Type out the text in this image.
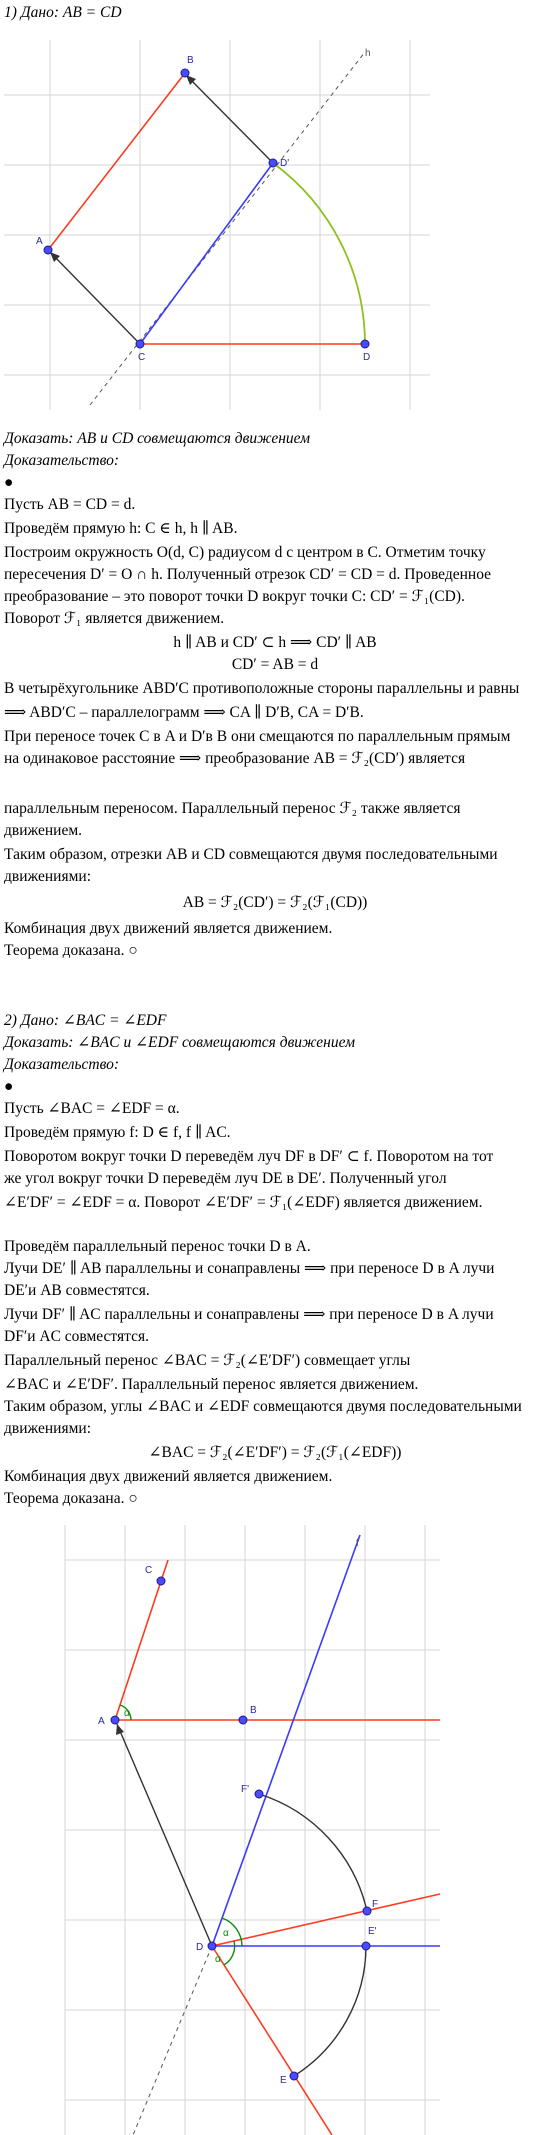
1) Дано: AB = CD
h
B
D'
A
C	D
Доказать: AB и CD совмещаются движением
Доказательство:
●
Пусть AB = CD = d.
Проведём прямую h: C ∈ h, h ∥ AB.
Построим окружность O(d, C) радиусом d с центром в C. Отметим точку
пересечения D′ = O ∩ h. Полученный отрезок CD′ = CD = d. Проведенное
преобразование – это поворот точки D вокруг точки C: CD′ = ℱ₁(CD).
Поворот ℱ₁ является движением.
h ∥ AB и CD′ ⊂ h ⟹ CD′ ∥ AB
CD′ = AB = d
В четырёхугольнике ABD′C противоположные стороны параллельны и равны
⟹ ABD′C – параллелограмм ⟹ CA ∥ D′B, CA = D′B.
При переносе точек C в A и D′в B они смещаются по параллельным прямым
на одинаковое расстояние ⟹ преобразование AB = ℱ₂(CD′) является
параллельным переносом. Параллельный перенос ℱ₂ также является
движением.
Таким образом, отрезки AB и CD совмещаются двумя последовательными
движениями:
AB = ℱ₂(CD′) = ℱ₂(ℱ₁(CD))
Комбинация двух движений является движением.
Теорема доказана. ○
2) Дано: ∠BAC = ∠EDF
Доказать: ∠BAC и ∠EDF совмещаются движением
Доказательство:
●
Пусть ∠BAC = ∠EDF = α.
Проведём прямую f: D ∈ f, f ∥ AC.
Поворотом вокруг точки D переведём луч DF в DF′ ⊂ f. Поворотом на тот
же угол вокруг точки D переведём луч DE в DE′. Полученный угол
∠E′DF′ = ∠EDF = α. Поворот ∠E′DF′ = ℱ₁(∠EDF) является движением.
Проведём параллельный перенос точки D в A.
Лучи DE′ ∥ AB параллельны и сонаправлены ⟹ при переносе D в A лучи
DE′и AB совместятся.
Лучи DF′ ∥ AC параллельны и сонаправлены ⟹ при переносе D в A лучи
DF′и AC совместятся.
Параллельный перенос ∠BAC = ℱ₂(∠E′DF′) совмещает углы
∠BAC и ∠E′DF′. Параллельный перенос является движением.
Таким образом, углы ∠BAC и ∠EDF совмещаются двумя последовательными
движениями:
∠BAC = ℱ₂(∠E′DF′) = ℱ₂(ℱ₁(∠EDF))
Комбинация двух движений является движением.
Теорема доказана. ○
f
C
A
B
F'
F
E'
D
E
α
α
α
